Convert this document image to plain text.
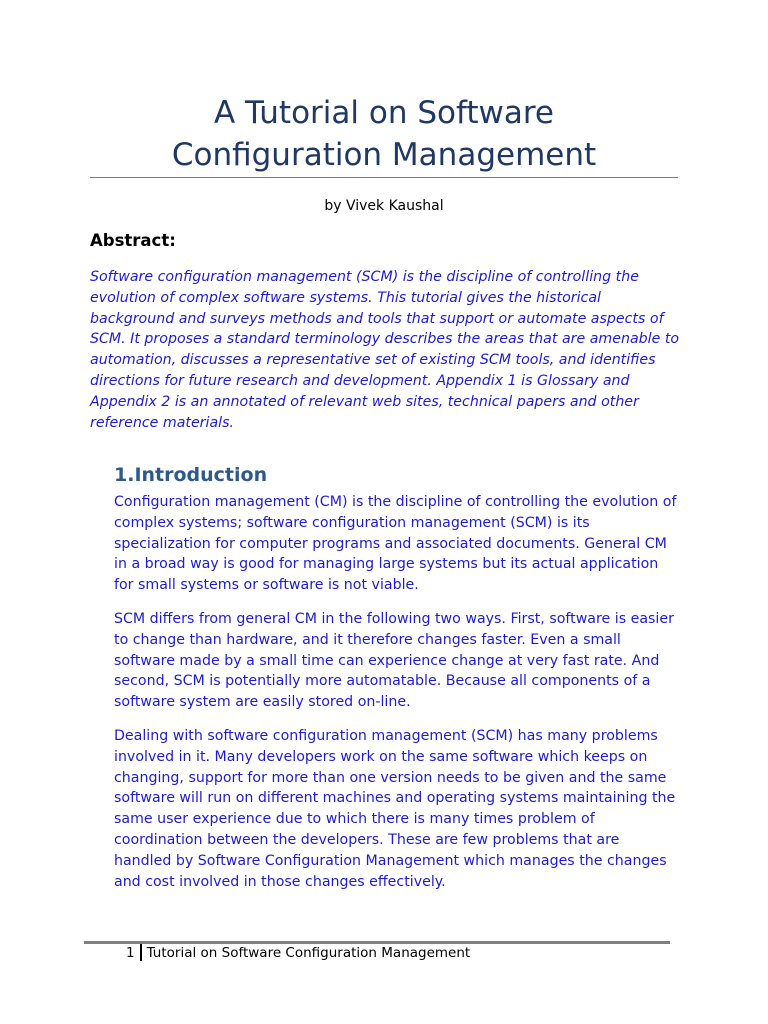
A Tutorial on Software
Configuration Management
by Vivek Kaushal
Abstract:

Software configuration management (SCM) is the discipline of controlling the evolution of complex software systems. This tutorial gives the historical background and surveys methods and tools that support or automate aspects of SCM. It proposes a standard terminology describes the areas that are amenable to automation, discusses a representative set of existing SCM tools, and identifies directions for future research and development. Appendix 1 is Glossary and Appendix 2 is an annotated of relevant web sites, technical papers and other reference materials.

1.Introduction

Configuration management (CM) is the discipline of controlling the evolution of complex systems; software configuration management (SCM) is its specialization for computer programs and associated documents. General CM in a broad way is good for managing large systems but its actual application for small systems or software is not viable.

SCM differs from general CM in the following two ways. First, software is easier to change than hardware, and it therefore changes faster. Even a small software made by a small time can experience change at very fast rate. And second, SCM is potentially more automatable. Because all components of a software system are easily stored on-line.

Dealing with software configuration management (SCM) has many problems involved in it. Many developers work on the same software which keeps on changing, support for more than one version needs to be given and the same software will run on different machines and operating systems maintaining the same user experience due to which there is many times problem of coordination between the developers. These are few problems that are handled by Software Configuration Management which manages the changes and cost involved in those changes effectively.

1 Tutorial on Software Configuration Management
